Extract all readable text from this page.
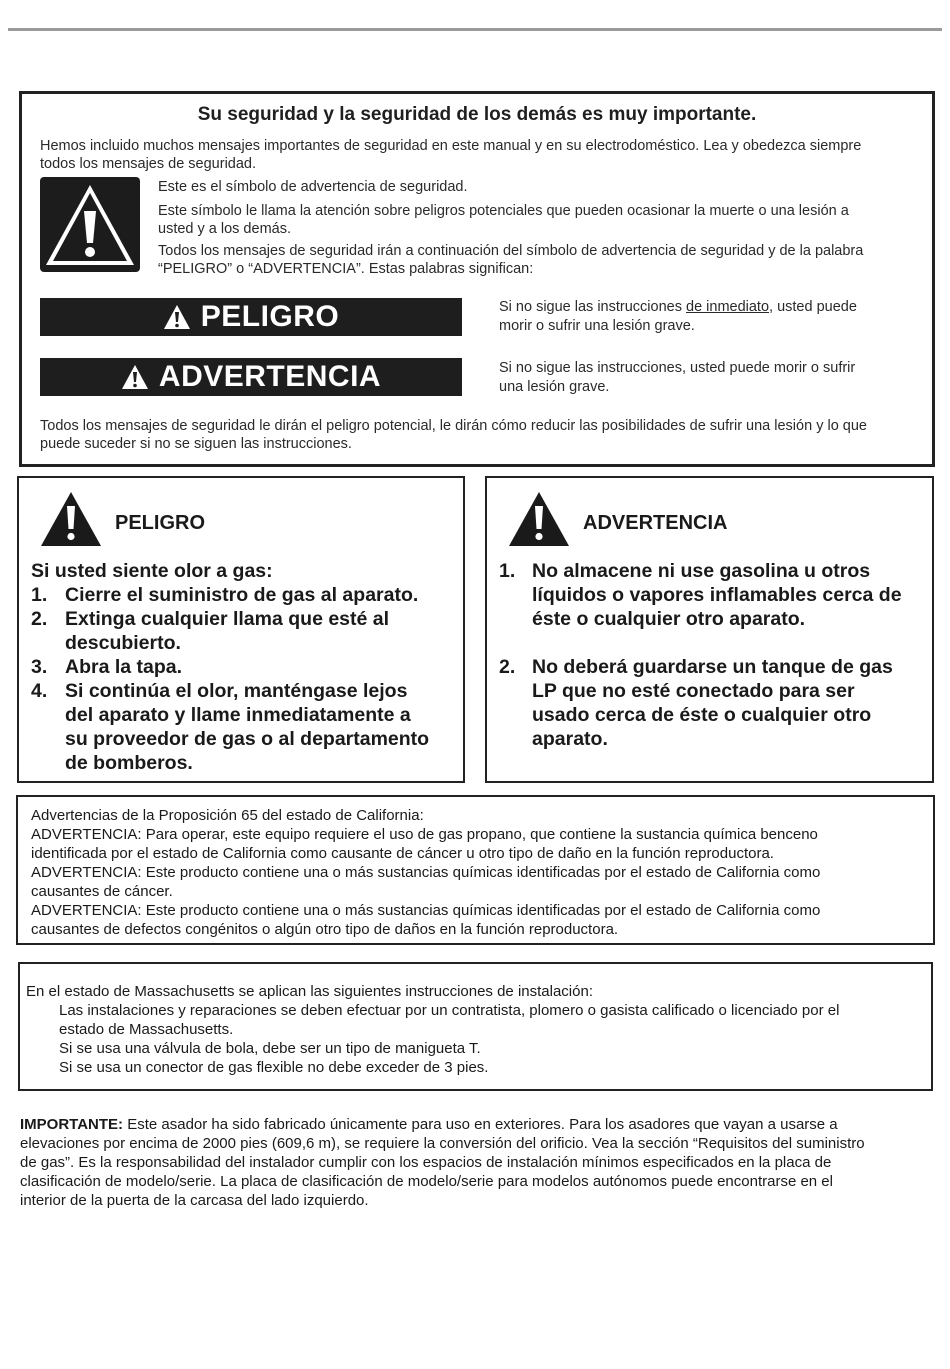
Su seguridad y la seguridad de los demás es muy importante.
Hemos incluido muchos mensajes importantes de seguridad en este manual y en su electrodoméstico. Lea y obedezca siempre
todos los mensajes de seguridad.
Este es el símbolo de advertencia de seguridad.
Este símbolo le llama la atención sobre peligros potenciales que pueden ocasionar la muerte o una lesión a
usted y a los demás.
Todos los mensajes de seguridad irán a continuación del símbolo de advertencia de seguridad y de la palabra
“PELIGRO” o “ADVERTENCIA”. Estas palabras significan:
PELIGRO	Si no sigue las instrucciones de inmediato, usted puede
morir o sufrir una lesión grave.
ADVERTENCIA	Si no sigue las instrucciones, usted puede morir o sufrir
una lesión grave.
Todos los mensajes de seguridad le dirán el peligro potencial, le dirán cómo reducir las posibilidades de sufrir una lesión y lo que
puede suceder si no se siguen las instrucciones.
PELIGRO
Si usted siente olor a gas:
1. Cierre el suministro de gas al aparato.
2. Extinga cualquier llama que esté al
descubierto.
3. Abra la tapa.
4. Si continúa el olor, manténgase lejos
del aparato y llame inmediatamente a
su proveedor de gas o al departamento
de bomberos.
ADVERTENCIA
1. No almacene ni use gasolina u otros
líquidos o vapores inflamables cerca de
éste o cualquier otro aparato.
2. No deberá guardarse un tanque de gas
LP que no esté conectado para ser
usado cerca de éste o cualquier otro
aparato.
Advertencias de la Proposición 65 del estado de California:
ADVERTENCIA: Para operar, este equipo requiere el uso de gas propano, que contiene la sustancia química benceno
identificada por el estado de California como causante de cáncer u otro tipo de daño en la función reproductora.
ADVERTENCIA: Este producto contiene una o más sustancias químicas identificadas por el estado de California como
causantes de cáncer.
ADVERTENCIA: Este producto contiene una o más sustancias químicas identificadas por el estado de California como
causantes de defectos congénitos o algún otro tipo de daños en la función reproductora.
En el estado de Massachusetts se aplican las siguientes instrucciones de instalación:
Las instalaciones y reparaciones se deben efectuar por un contratista, plomero o gasista calificado o licenciado por el
estado de Massachusetts.
Si se usa una válvula de bola, debe ser un tipo de manigueta T.
Si se usa un conector de gas flexible no debe exceder de 3 pies.
IMPORTANTE: Este asador ha sido fabricado únicamente para uso en exteriores. Para los asadores que vayan a usarse a
elevaciones por encima de 2000 pies (609,6 m), se requiere la conversión del orificio. Vea la sección “Requisitos del suministro
de gas”. Es la responsabilidad del instalador cumplir con los espacios de instalación mínimos especificados en la placa de
clasificación de modelo/serie. La placa de clasificación de modelo/serie para modelos autónomos puede encontrarse en el
interior de la puerta de la carcasa del lado izquierdo.
